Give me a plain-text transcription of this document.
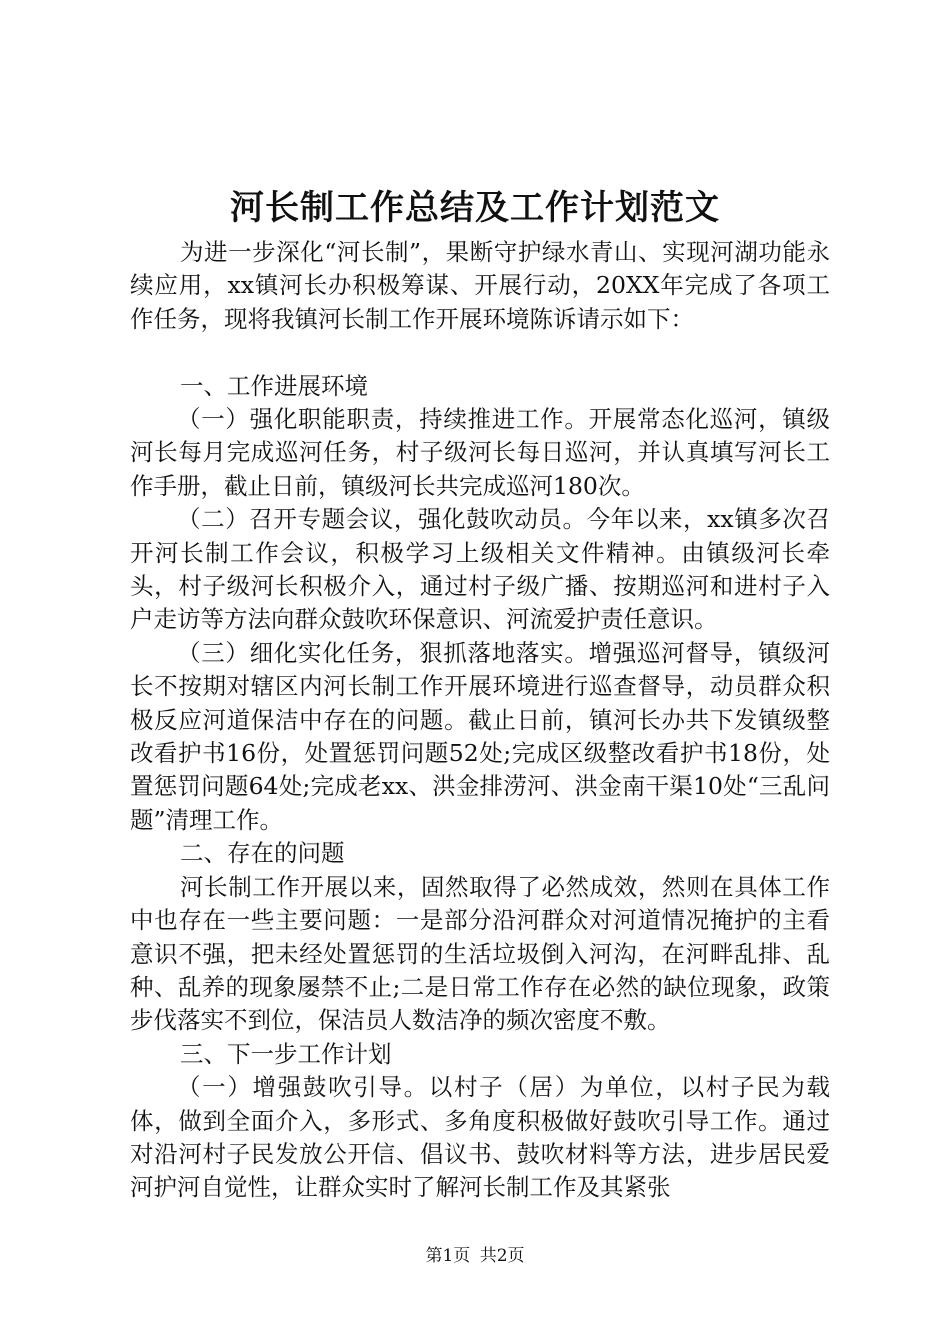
河长制工作总结及工作计划范文

为进一步深化“河长制”，果断守护绿水青山、实现河湖功能永续应用，xx镇河长办积极筹谋、开展行动，20XX年完成了各项工作任务，现将我镇河长制工作开展环境陈诉请示如下：

一、工作进展环境

（一）强化职能职责，持续推进工作。开展常态化巡河，镇级河长每月完成巡河任务，村子级河长每日巡河，并认真填写河长工作手册，截止日前，镇级河长共完成巡河180次。

（二）召开专题会议，强化鼓吹动员。今年以来，xx镇多次召开河长制工作会议，积极学习上级相关文件精神。由镇级河长牵头，村子级河长积极介入，通过村子级广播、按期巡河和进村子入户走访等方法向群众鼓吹环保意识、河流爱护责任意识。

（三）细化实化任务，狠抓落地落实。增强巡河督导，镇级河长不按期对辖区内河长制工作开展环境进行巡查督导，动员群众积极反应河道保洁中存在的问题。截止日前，镇河长办共下发镇级整改看护书16份，处置惩罚问题52处;完成区级整改看护书18份，处置惩罚问题64处;完成老xx、洪金排涝河、洪金南干渠10处“三乱问题”清理工作。

二、存在的问题

河长制工作开展以来，固然取得了必然成效，然则在具体工作中也存在一些主要问题：一是部分沿河群众对河道情况掩护的主看意识不强，把未经处置惩罚的生活垃圾倒入河沟，在河畔乱排、乱种、乱养的现象屡禁不止;二是日常工作存在必然的缺位现象，政策步伐落实不到位，保洁员人数洁净的频次密度不敷。

三、下一步工作计划

（一）增强鼓吹引导。以村子（居）为单位，以村子民为载体，做到全面介入，多形式、多角度积极做好鼓吹引导工作。通过对沿河村子民发放公开信、倡议书、鼓吹材料等方法，进步居民爱河护河自觉性，让群众实时了解河长制工作及其紧张

第1页 共2页
